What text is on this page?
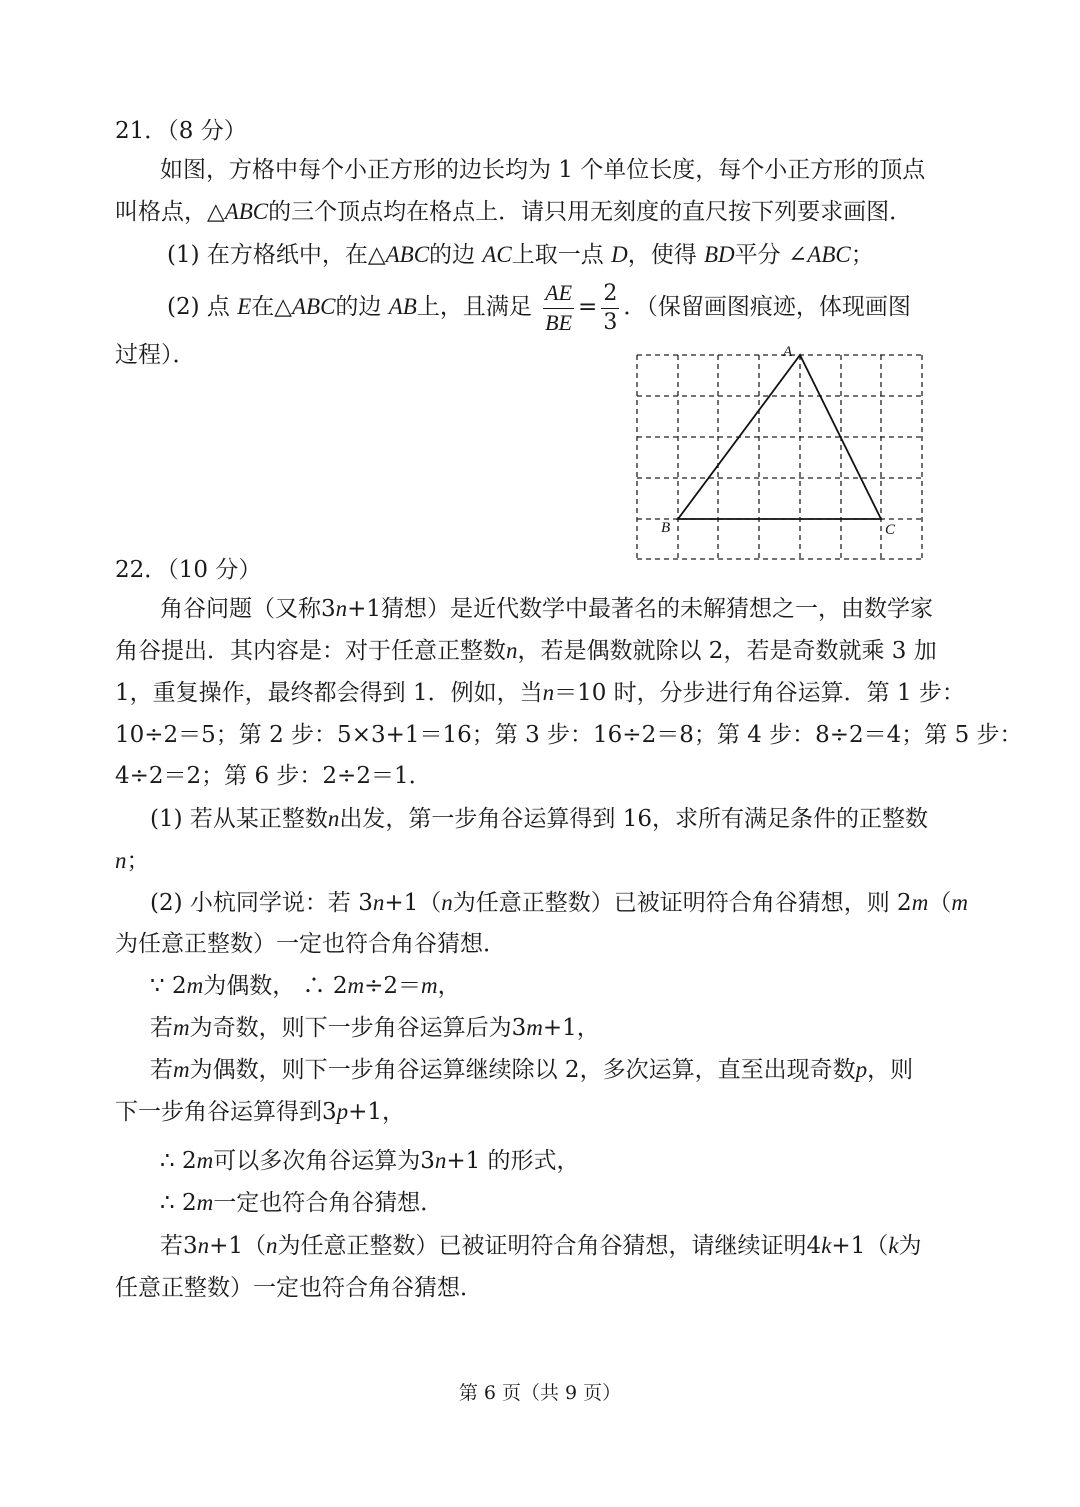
21．（8 分）
如图，方格中每个小正方形的边长均为 1 个单位长度，每个小正方形的顶点
叫格点，△ABC的三个顶点均在格点上．请只用无刻度的直尺按下列要求画图．
(1) 在方格纸中，在△ABC的边 AC上取一点 D，使得 BD平分 ∠ABC；
(2) 点 E在△ABC的边 AB上，且满足 $\frac{AE}{BE} = \frac{2}{3}$ ．（保留画图痕迹，体现画图
过程）．	A
B	C
22．（10 分）
角谷问题（又称3n+1猜想）是近代数学中最著名的未解猜想之一，由数学家
角谷提出．其内容是：对于任意正整数n，若是偶数就除以 2，若是奇数就乘 3 加
1，重复操作，最终都会得到 1．例如，当n＝10 时，分步进行角谷运算．第 1 步：
10÷2＝5；第 2 步：5×3+1＝16；第 3 步：16÷2＝8；第 4 步：8÷2＝4；第 5 步：
4÷2＝2；第 6 步：2÷2＝1．
(1) 若从某正整数n出发，第一步角谷运算得到 16，求所有满足条件的正整数
n；
(2) 小杭同学说：若 3n+1（n为任意正整数）已被证明符合角谷猜想，则 2m（m
为任意正整数）一定也符合角谷猜想．
∵ 2m为偶数， ∴ 2m÷2＝m，
若m为奇数，则下一步角谷运算后为3m+1，
若m为偶数，则下一步角谷运算继续除以 2，多次运算，直至出现奇数p，则
下一步角谷运算得到3p+1，
∴ 2m可以多次角谷运算为3n+1 的形式，
∴ 2m一定也符合角谷猜想．
若3n+1（n为任意正整数）已被证明符合角谷猜想，请继续证明4k+1（k为
任意正整数）一定也符合角谷猜想．
第 6 页（共 9 页）
